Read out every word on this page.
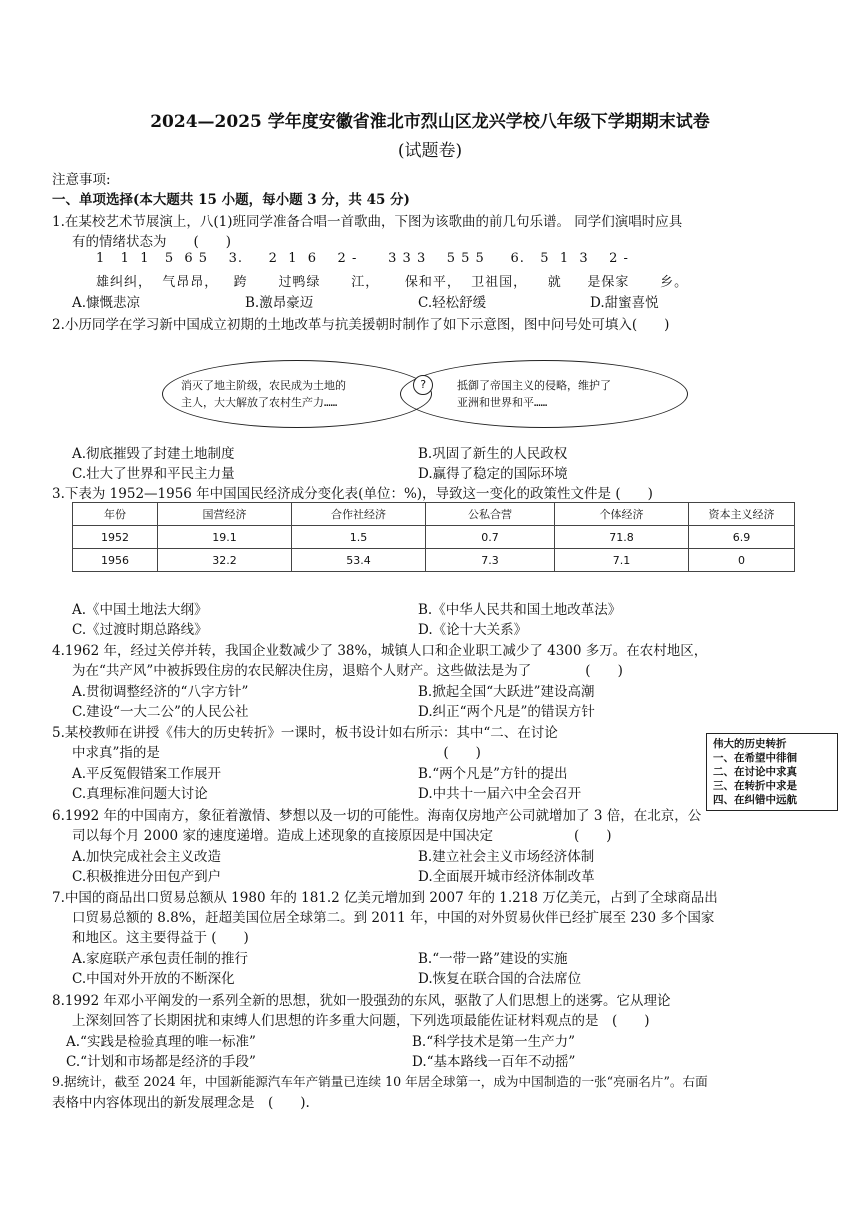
2024—2025 学年度安徽省淮北市烈山区龙兴学校八年级下学期期末试卷
(试题卷)
注意事项:
一、单项选择(本大题共 15 小题，每小题 3 分，共 45 分)
1.在某校艺术节展演上，八(1)班同学准备合唱一首歌曲，下图为该歌曲的前几句乐谱。 同学们演唱时应具
有的情绪状态为　　(　　)
1   1  1   5  6 5    3.     2  1  6    2 -      3 3 3    5 5 5     6.   5  1  3    2 -
雄纠纠，  气昂昂，   跨      过鸭绿      江，     保和平，  卫祖国，    就     是保家      乡。
A.慷慨悲凉	B.激昂豪迈	C.轻松舒缓	D.甜蜜喜悦
2.小历同学在学习新中国成立初期的土地改革与抗美援朝时制作了如下示意图，图中问号处可填入(　　)
消灭了地主阶级，农民成为土地的
主人，大大解放了农村生产力……
抵御了帝国主义的侵略，维护了
亚洲和世界和平……
?
A.彻底摧毁了封建土地制度	B.巩固了新生的人民政权
C.壮大了世界和平民主力量	D.赢得了稳定的国际环境
3.下表为 1952—1956 年中国国民经济成分变化表(单位：%)，导致这一变化的政策性文件是 (　　)
年份	国营经济	合作社经济	公私合营	个体经济	资本主义经济
1952	19.1	1.5	0.7	71.8	6.9
1956	32.2	53.4	7.3	7.1	0
A.《中国土地法大纲》	B.《中华人民共和国土地改革法》
C.《过渡时期总路线》	D.《论十大关系》
4.1962 年，经过关停并转，我国企业数减少了 38%，城镇人口和企业职工减少了 4300 多万。在农村地区，
为在“共产风”中被拆毁住房的农民解决住房，退赔个人财产。这些做法是为了　　　　(　　)
A.贯彻调整经济的“八字方针”	B.掀起全国“大跃进”建设高潮
C.建设“一大二公”的人民公社	D.纠正“两个凡是”的错误方针
5.某校教师在讲授《伟大的历史转折》一课时，板书设计如右所示：其中“二、在讨论
中求真”指的是　　　　　　　　　　　　　　　　　　　　　(　　)
伟大的历史转折
一、在希望中徘徊
二、在讨论中求真
三、在转折中求是
四、在纠错中远航
A.平反冤假错案工作展开	B.“两个凡是”方针的提出
C.真理标准问题大讨论	D.中共十一届六中全会召开
6.1992 年的中国南方，象征着激情、梦想以及一切的可能性。海南仅房地产公司就增加了 3 倍，在北京，公
司以每个月 2000 家的速度递增。造成上述现象的直接原因是中国决定　　　　　　(　　)
A.加快完成社会主义改造	B.建立社会主义市场经济体制
C.积极推进分田包产到户	D.全面展开城市经济体制改革
7.中国的商品出口贸易总额从 1980 年的 181.2 亿美元增加到 2007 年的 1.218 万亿美元，占到了全球商品出
口贸易总额的 8.8%，赶超美国位居全球第二。到 2011 年，中国的对外贸易伙伴已经扩展至 230 多个国家
和地区。这主要得益于 (　　)
A.家庭联产承包责任制的推行	B.“一带一路”建设的实施
C.中国对外开放的不断深化	D.恢复在联合国的合法席位
8.1992 年邓小平阐发的一系列全新的思想，犹如一股强劲的东风，驱散了人们思想上的迷雾。它从理论
上深刻回答了长期困扰和束缚人们思想的许多重大问题，下列选项最能佐证材料观点的是　(　　)
A.“实践是检验真理的唯一标准”	B.“科学技术是第一生产力”
C.“计划和市场都是经济的手段”	D.“基本路线一百年不动摇”
9.据统计，截至 2024 年，中国新能源汽车年产销量已连续 10 年居全球第一，成为中国制造的一张“亮丽名片”。右面
表格中内容体现出的新发展理念是　(　　).
